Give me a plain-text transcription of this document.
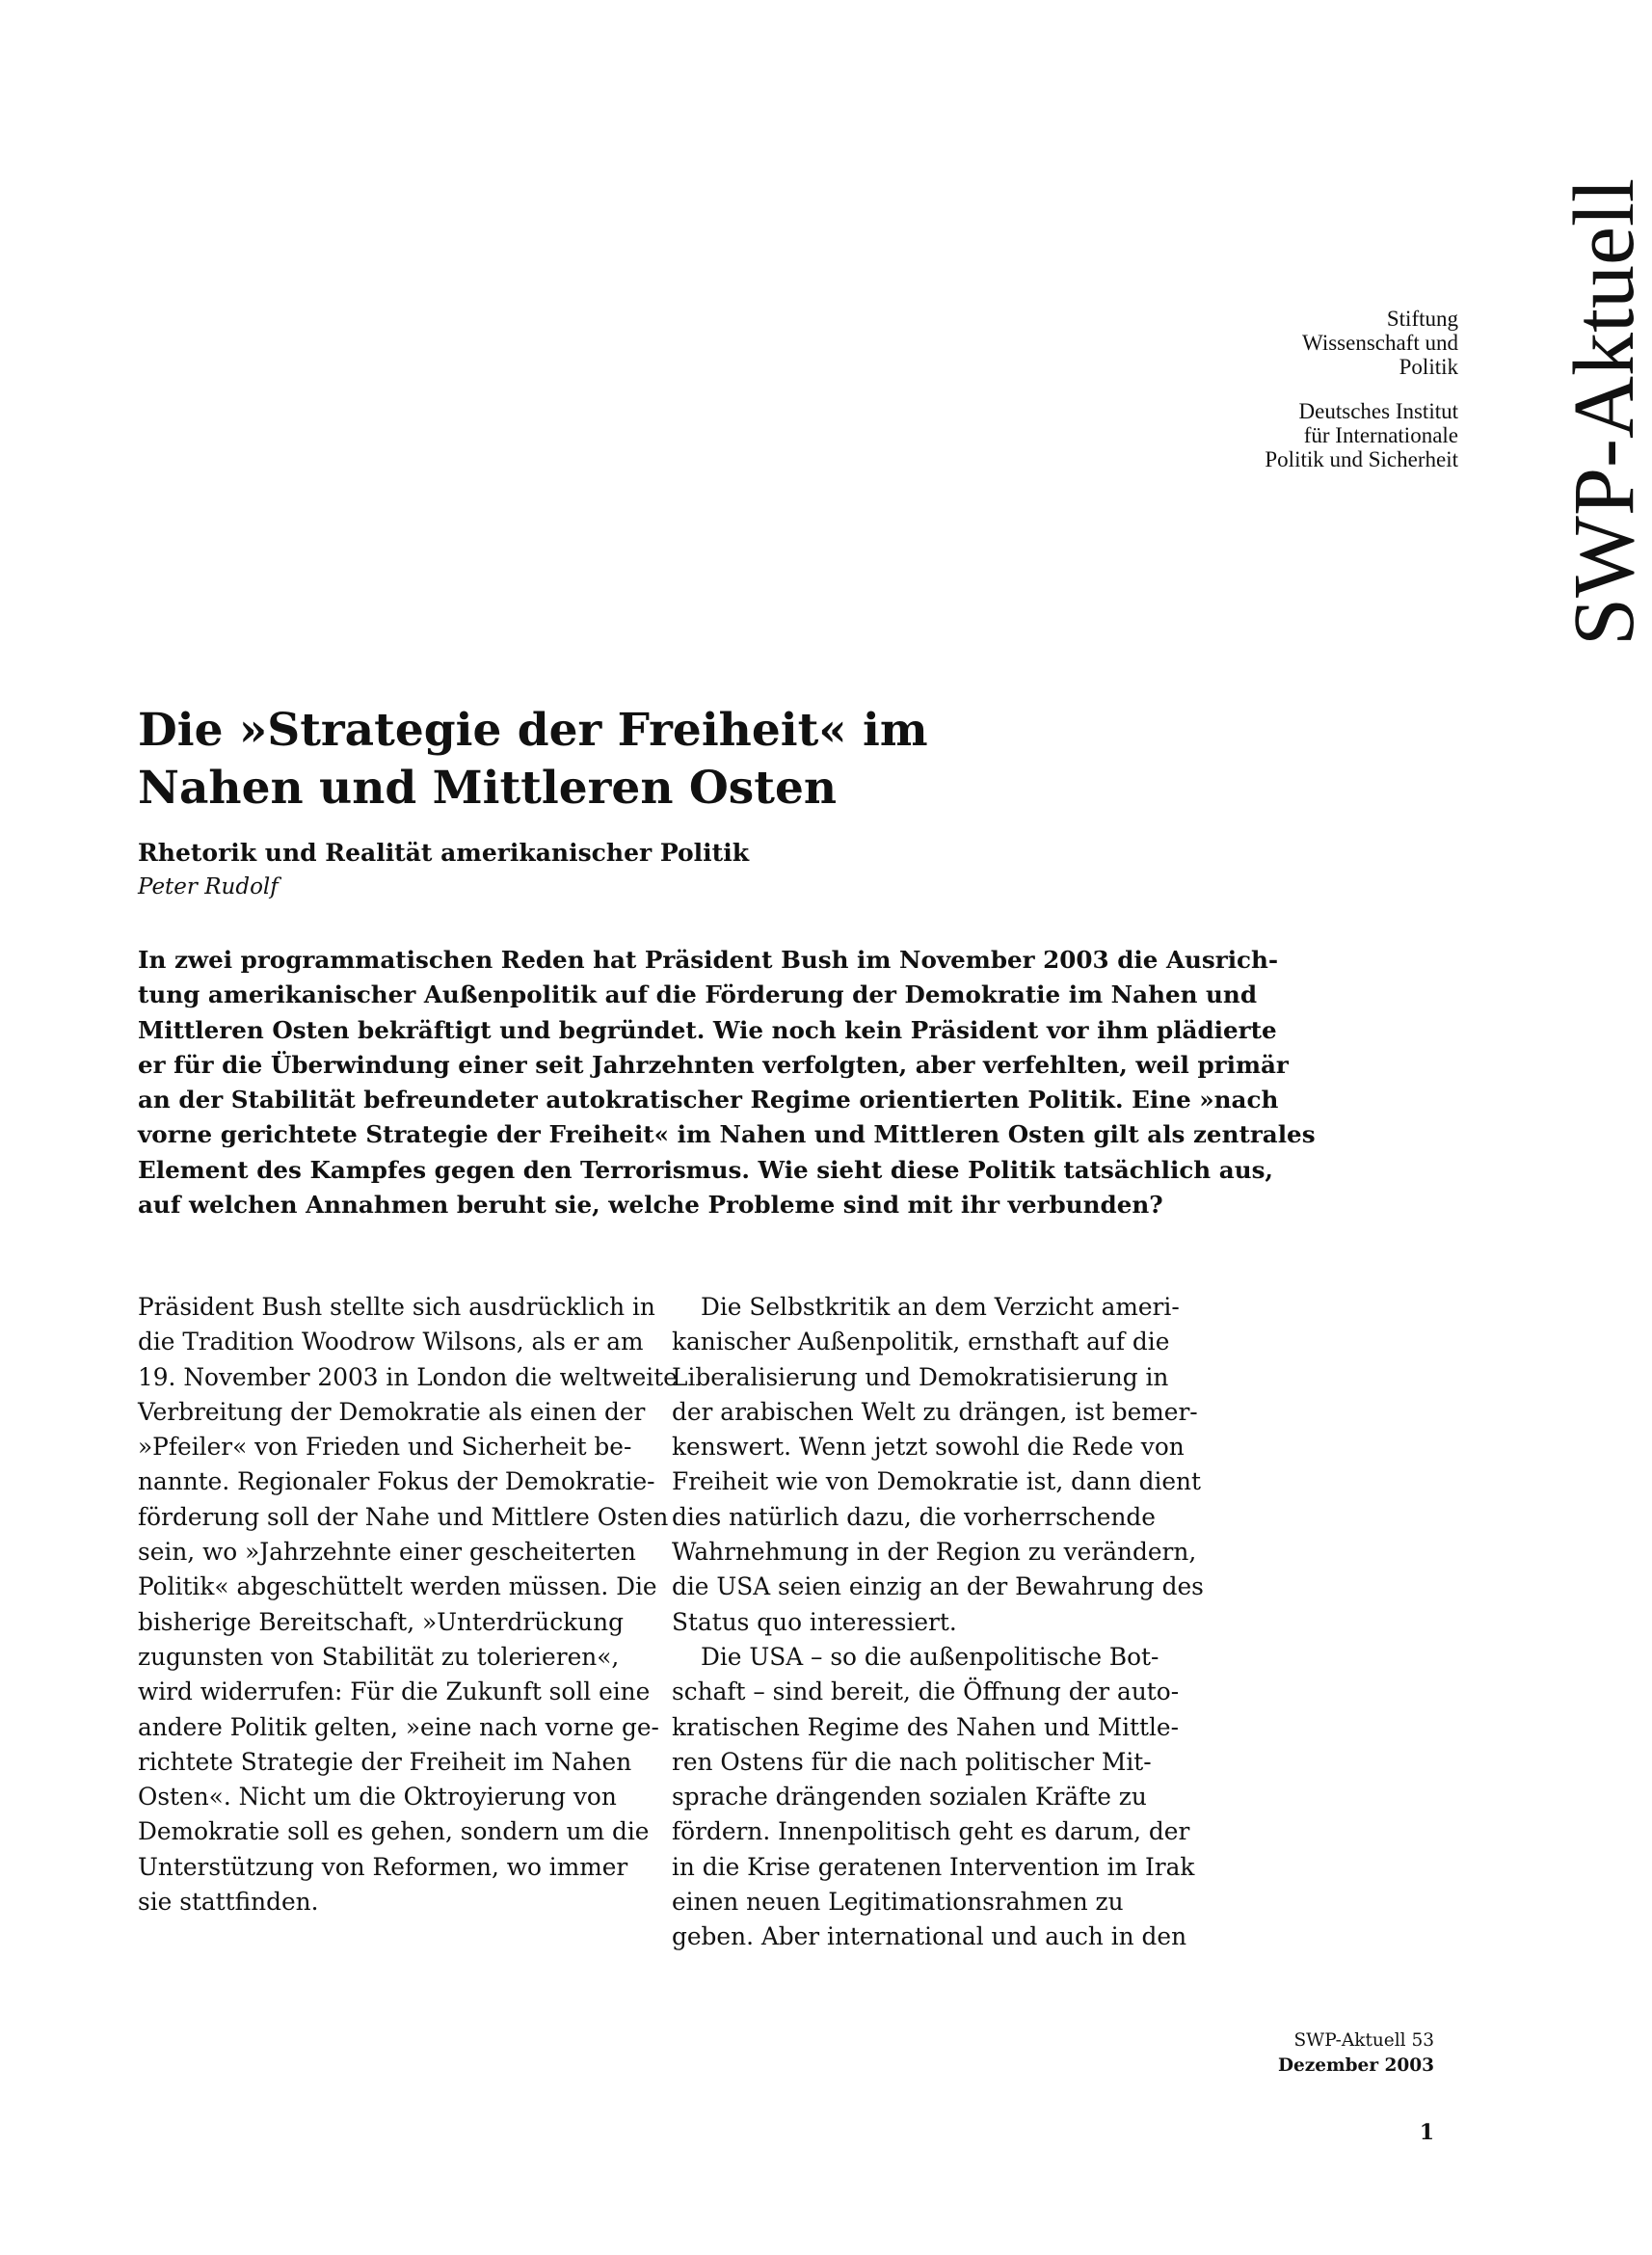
SWP-Aktuell

Stiftung

Wissenschaft und

Politik

Deutsches Institut

für Internationale

Politik und Sicherheit

Die »Strategie der Freiheit« im
Nahen und Mittleren Osten

Rhetorik und Realität amerikanischer Politik

Peter Rudolf

In zwei programmatischen Reden hat Präsident Bush im November 2003 die Ausrich-
tung amerikanischer Außenpolitik auf die Förderung der Demokratie im Nahen und
Mittleren Osten bekräftigt und begründet. Wie noch kein Präsident vor ihm plädierte
er für die Überwindung einer seit Jahrzehnten verfolgten, aber verfehlten, weil primär
an der Stabilität befreundeter autokratischer Regime orientierten Politik. Eine »nach
vorne gerichtete Strategie der Freiheit« im Nahen und Mittleren Osten gilt als zentrales
Element des Kampfes gegen den Terrorismus. Wie sieht diese Politik tatsächlich aus,
auf welchen Annahmen beruht sie, welche Probleme sind mit ihr verbunden?
Präsident Bush stellte sich ausdrücklich in
die Tradition Woodrow Wilsons, als er am
19. November 2003 in London die weltweite
Verbreitung der Demokratie als einen der
»Pfeiler« von Frieden und Sicherheit be-
nannte. Regionaler Fokus der Demokratie-
förderung soll der Nahe und Mittlere Osten
sein, wo »Jahrzehnte einer gescheiterten
Politik« abgeschüttelt werden müssen. Die
bisherige Bereitschaft, »Unterdrückung
zugunsten von Stabilität zu tolerieren«,
wird widerrufen: Für die Zukunft soll eine
andere Politik gelten, »eine nach vorne ge-
richtete Strategie der Freiheit im Nahen
Osten«. Nicht um die Oktroyierung von
Demokratie soll es gehen, sondern um die
Unterstützung von Reformen, wo immer
sie stattfinden.
Die Selbstkritik an dem Verzicht ameri-
kanischer Außenpolitik, ernsthaft auf die
Liberalisierung und Demokratisierung in
der arabischen Welt zu drängen, ist bemer-
kenswert. Wenn jetzt sowohl die Rede von
Freiheit wie von Demokratie ist, dann dient
dies natürlich dazu, die vorherrschende
Wahrnehmung in der Region zu verändern,
die USA seien einzig an der Bewahrung des
Status quo interessiert.
Die USA – so die außenpolitische Bot-
schaft – sind bereit, die Öffnung der auto-
kratischen Regime des Nahen und Mittle-
ren Ostens für die nach politischer Mit-
sprache drängenden sozialen Kräfte zu
fördern. Innenpolitisch geht es darum, der
in die Krise geratenen Intervention im Irak
einen neuen Legitimationsrahmen zu
geben. Aber international und auch in den
SWP-Aktuell 53
Dezember 2003
1
